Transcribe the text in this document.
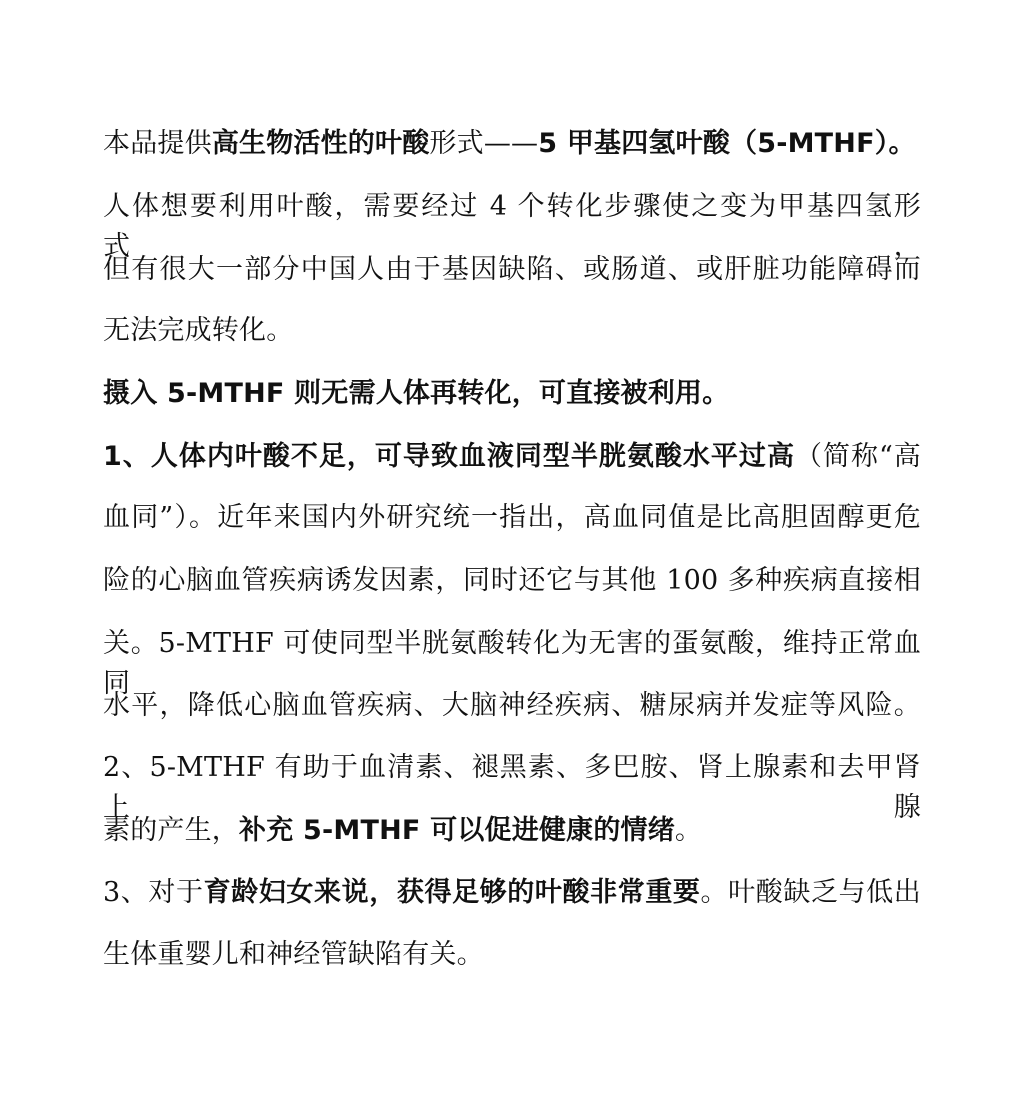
本品提供高生物活性的叶酸形式——5 甲基四氢叶酸（5-MTHF）。
人体想要利用叶酸，需要经过 4 个转化步骤使之变为甲基四氢形式，
但有很大一部分中国人由于基因缺陷、或肠道、或肝脏功能障碍而
无法完成转化。
摄入 5-MTHF 则无需人体再转化，可直接被利用。
1、人体内叶酸不足，可导致血液同型半胱氨酸水平过高（简称“高
血同”）。近年来国内外研究统一指出，高血同值是比高胆固醇更危
险的心脑血管疾病诱发因素，同时还它与其他 100 多种疾病直接相
关。5-MTHF 可使同型半胱氨酸转化为无害的蛋氨酸，维持正常血同
水平，降低心脑血管疾病、大脑神经疾病、糖尿病并发症等风险。
2、5-MTHF 有助于血清素、褪黑素、多巴胺、肾上腺素和去甲肾上腺
素的产生，补充 5-MTHF 可以促进健康的情绪。
3、对于育龄妇女来说，获得足够的叶酸非常重要。叶酸缺乏与低出
生体重婴儿和神经管缺陷有关。
